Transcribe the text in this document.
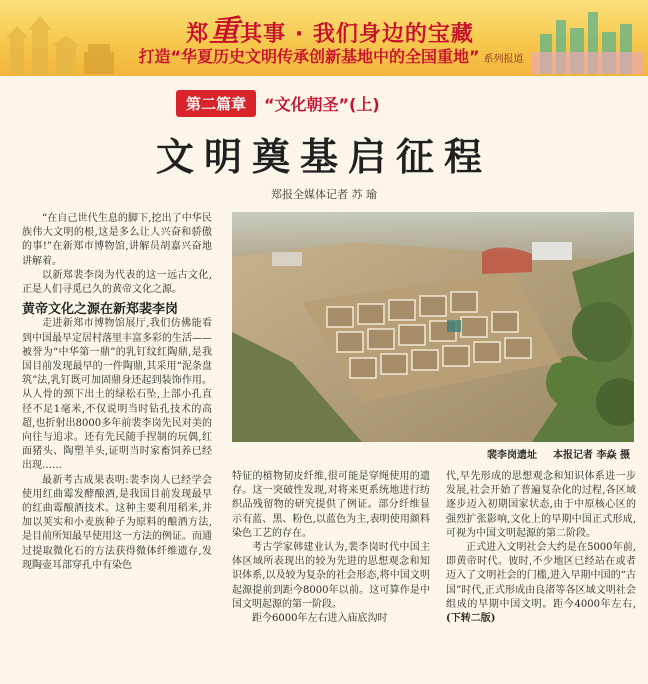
郑重其事 · 我们身边的宝藏
打造“华夏历史文明传承创新基地中的全国重地” 系列报道
第二篇章	“文化朝圣”(上)
文明奠基启征程
郑报全媒体记者 苏 瑜

“在自己世代生息的脚下,挖出了中华民族伟大文明的根,这是多么让人兴奋和骄傲的事!”在新郑市博物馆,讲解员胡嘉兴奋地讲解着。

以新郑裴李岗为代表的这一远古文化,正是人们寻觅已久的黄帝文化之源。

黄帝文化之源在新郑裴李岗

走进新郑市博物馆展厅,我们仿佛能看到中国最早定居村落里丰富多彩的生活——被誉为“中华第一鼎”的乳钉纹红陶鼎,是我国目前发现最早的一件陶鼎,其采用“泥条盘筑”法,乳钉既可加固鼎身还起到装饰作用。从人骨的颈下出土的绿松石坠,上部小孔直径不足1毫米,不仅说明当时钻孔技术的高超,也折射出8000多年前裴李岗先民对美的向往与追求。还有先民随手捏制的玩偶,红面猪头、陶塑羊头,证明当时家畜饲养已经出现……

最新考古成果表明:裴李岗人已经学会使用红曲霉发酵酿酒,是我国目前发现最早的红曲霉酿酒技术。这种主要利用稻米,并加以荚实和小麦族种子为原料的酿酒方法,是目前所知最早使用这一方法的例证。而通过提取微化石的方法获得微体纤维遗存,发现陶壶耳部穿孔中有染色

裴李岗遗址 本报记者 李焱 摄

特征的植物韧皮纤维,很可能是穿绳使用的遗存。这一突破性发现,对将来更系统地进行纺织品残留物的研究提供了例证。部分纤维显示有蓝、黑、粉色,以蓝色为主,表明使用颜料染色工艺的存在。

考古学家韩建业认为,裴李岗时代中国主体区域所表现出的较为先进的思想观念和知识体系,以及较为复杂的社会形态,将中国文明起源提前到距今8000年以前。这可算作是中国文明起源的第一阶段。

距今6000年左右进入庙底沟时

代,早先形成的思想观念和知识体系进一步发展,社会开始了普遍复杂化的过程,各区域逐步迈入初期国家状态,由于中原核心区的强烈扩张影响,文化上的早期中国正式形成,可视为中国文明起源的第二阶段。

正式进入文明社会大约是在5000年前,即黄帝时代。彼时,不少地区已经站在或者迈入了文明社会的门槛,进入早期中国的“古国”时代,正式形成由良渚等各区域文明社会组成的早期中国文明。距今4000年左右,(下转二版)
